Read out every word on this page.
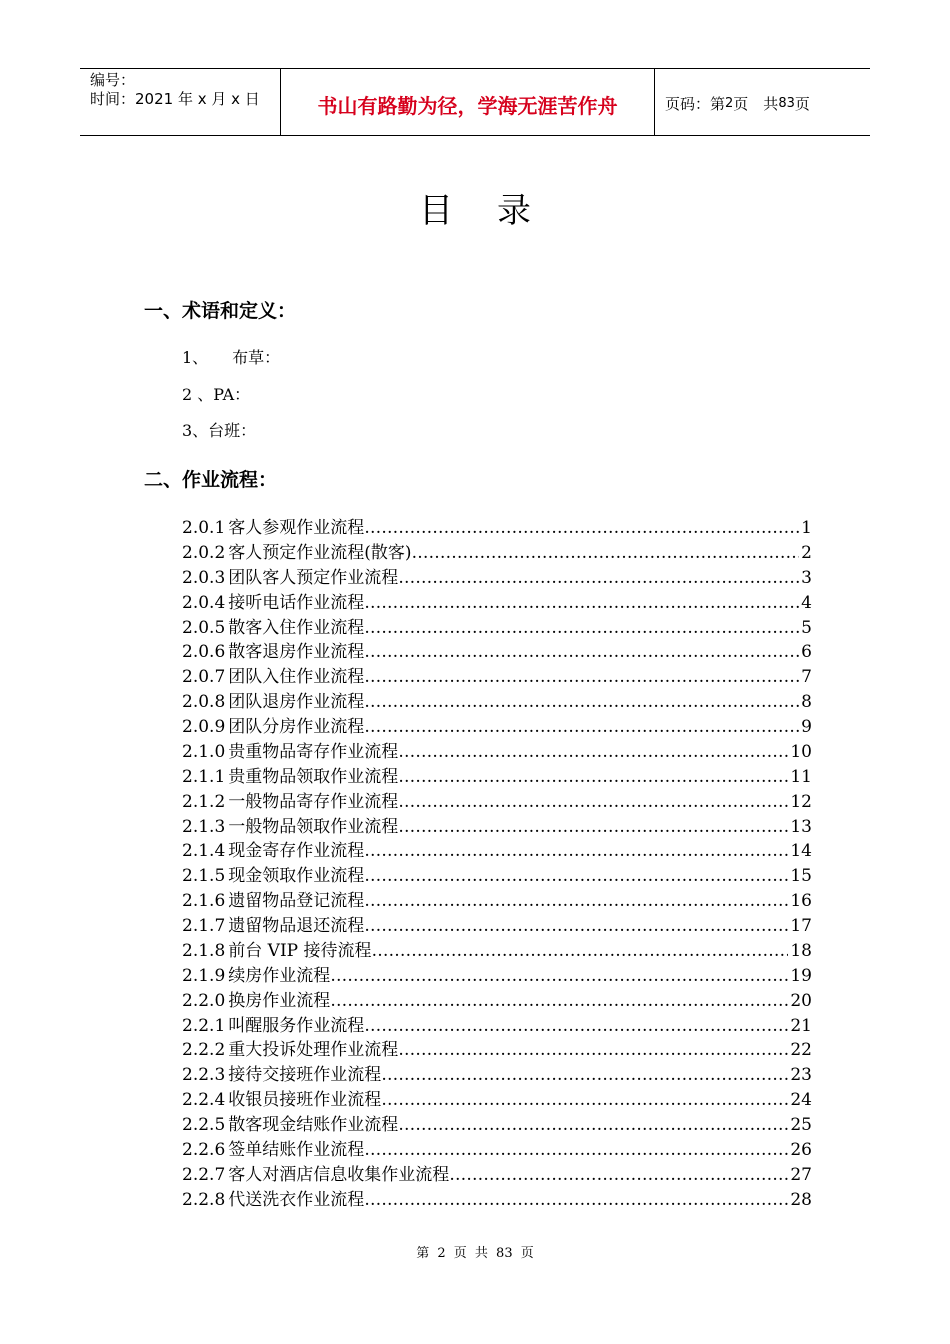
编号：
时间：2021 年 x 月 x 日	书山有路勤为径，学海无涯苦作舟	页码：第 2 页　共 83 页
目录
一、术语和定义：
1、　　布草：
2 、PA：
3、台班：
二、作业流程：
2.0.1 客人参观作业流程 …………………………………………………………………………………………………………………………	1
2.0.2 客人预定作业流程(散客) …………………………………………………………………………………………………………………………	2
2.0.3 团队客人预定作业流程 …………………………………………………………………………………………………………………………	3
2.0.4 接听电话作业流程 …………………………………………………………………………………………………………………………	4
2.0.5 散客入住作业流程 …………………………………………………………………………………………………………………………	5
2.0.6 散客退房作业流程 …………………………………………………………………………………………………………………………	6
2.0.7 团队入住作业流程 …………………………………………………………………………………………………………………………	7
2.0.8 团队退房作业流程 …………………………………………………………………………………………………………………………	8
2.0.9 团队分房作业流程 …………………………………………………………………………………………………………………………	9
2.1.0 贵重物品寄存作业流程 …………………………………………………………………………………………………………………………	10
2.1.1 贵重物品领取作业流程 …………………………………………………………………………………………………………………………	11
2.1.2 一般物品寄存作业流程 …………………………………………………………………………………………………………………………	12
2.1.3 一般物品领取作业流程 …………………………………………………………………………………………………………………………	13
2.1.4 现金寄存作业流程 …………………………………………………………………………………………………………………………	14
2.1.5 现金领取作业流程 …………………………………………………………………………………………………………………………	15
2.1.6 遗留物品登记流程 …………………………………………………………………………………………………………………………	16
2.1.7 遗留物品退还流程 …………………………………………………………………………………………………………………………	17
2.1.8 前台 VIP 接待流程 …………………………………………………………………………………………………………………………	18
2.1.9 续房作业流程 …………………………………………………………………………………………………………………………	19
2.2.0 换房作业流程 …………………………………………………………………………………………………………………………	20
2.2.1 叫醒服务作业流程 …………………………………………………………………………………………………………………………	21
2.2.2 重大投诉处理作业流程 …………………………………………………………………………………………………………………………	22
2.2.3 接待交接班作业流程 …………………………………………………………………………………………………………………………	23
2.2.4 收银员接班作业流程 …………………………………………………………………………………………………………………………	24
2.2.5 散客现金结账作业流程 …………………………………………………………………………………………………………………………	25
2.2.6 签单结账作业流程 …………………………………………………………………………………………………………………………	26
2.2.7 客人对酒店信息收集作业流程 …………………………………………………………………………………………………………………………	27
2.2.8 代送洗衣作业流程 …………………………………………………………………………………………………………………………	28
第 2 页 共 83 页
